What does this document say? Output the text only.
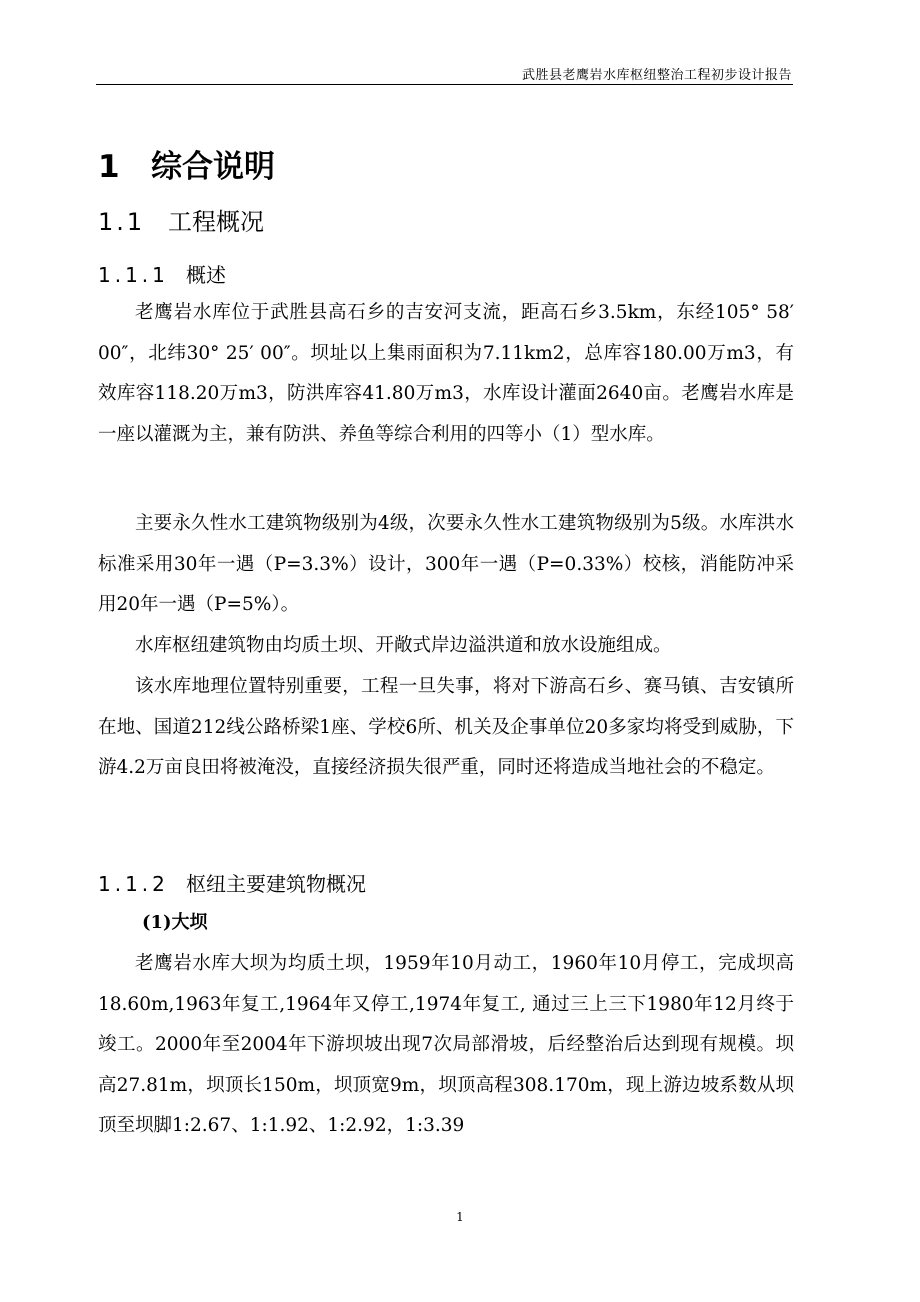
武胜县老鹰岩水库枢纽整治工程初步设计报告
1 综合说明
1.1 工程概况
1.1.1 概述

老鹰岩水库位于武胜县高石乡的吉安河支流，距高石乡3.5km，东经105° 58′ 00″，北纬30° 25′ 00″。坝址以上集雨面积为7.11km2，总库容180.00万m3，有效库容118.20万m3，防洪库容41.80万m3，水库设计灌面2640亩。老鹰岩水库是一座以灌溉为主，兼有防洪、养鱼等综合利用的四等小（1）型水库。

主要永久性水工建筑物级别为4级，次要永久性水工建筑物级别为5级。水库洪水标准采用30年一遇（P=3.3%）设计，300年一遇（P=0.33%）校核，消能防冲采用20年一遇（P=5%）。

水库枢纽建筑物由均质土坝、开敞式岸边溢洪道和放水设施组成。

该水库地理位置特别重要，工程一旦失事，将对下游高石乡、赛马镇、吉安镇所在地、国道212线公路桥梁1座、学校6所、机关及企事单位20多家均将受到威胁，下游4.2万亩良田将被淹没，直接经济损失很严重，同时还将造成当地社会的不稳定。

1.1.2 枢纽主要建筑物概况
(1)大坝

老鹰岩水库大坝为均质土坝，1959年10月动工，1960年10月停工，完成坝高18.60m,1963年复工,1964年又停工,1974年复工, 通过三上三下1980年12月终于竣工。2000年至2004年下游坝坡出现7次局部滑坡，后经整治后达到现有规模。坝高27.81m，坝顶长150m，坝顶宽9m，坝顶高程308.170m，现上游边坡系数从坝顶至坝脚1:2.67、1:1.92、1:2.92，1:3.39

1
